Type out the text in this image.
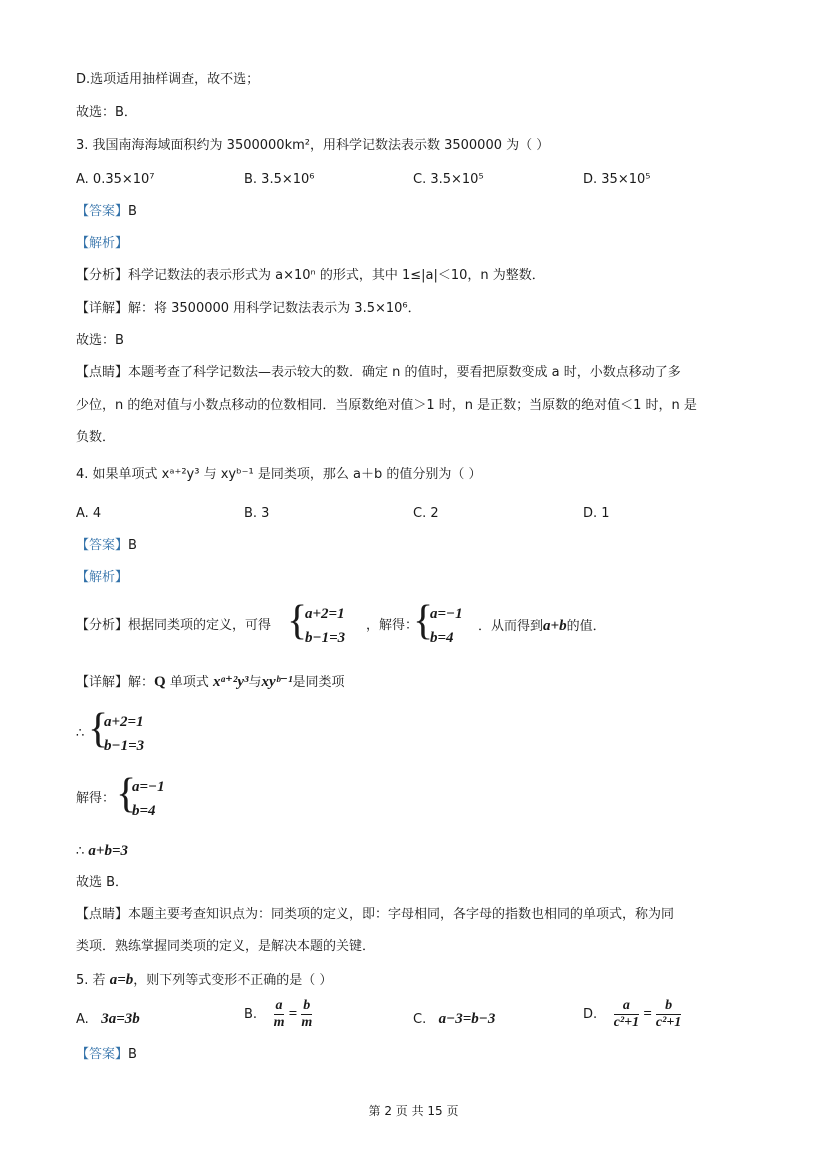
D.选项适用抽样调查，故不选；
故选：B．
3. 我国南海海域面积约为 3500000km²，用科学记数法表示数 3500000 为（ ）
A. 0.35×10⁷	B. 3.5×10⁶	C. 3.5×10⁵	D. 35×10⁵
【答案】B
【解析】
【分析】科学记数法的表示形式为 a×10ⁿ 的形式，其中 1≤|a|＜10，n 为整数．
【详解】解：将 3500000 用科学记数法表示为 3.5×10⁶．
故选：B
【点睛】本题考查了科学记数法—表示较大的数．确定 n 的值时，要看把原数变成 a 时，小数点移动了多
少位，n 的绝对值与小数点移动的位数相同．当原数绝对值＞1 时，n 是正数；当原数的绝对值＜1 时，n 是
负数．
4. 如果单项式 xᵃ⁺²y³ 与 xyᵇ⁻¹ 是同类项，那么 a＋b 的值分别为（ ）
A. 4	B. 3	C. 2	D. 1
【答案】B
【解析】
【分析】根据同类项的定义，可得 {
a+2=1
b−1=3
，解得：
{
a=−1
b=4
．从而得到a+b的值．
【详解】解：Q 单项式 xᵃ⁺²y³与xyᵇ⁻¹是同类项
∴ {
a+2=1
b−1=3
解得： {
a=−1
b=4
∴ a+b=3
故选 B．
【点睛】本题主要考查知识点为：同类项的定义，即：字母相同，各字母的指数也相同的单项式，称为同
类项．熟练掌握同类项的定义，是解决本题的关键．
5. 若 a=b，则下列等式变形不正确的是（ ）
A. 3a=3b	B. $\frac{a}{m} = \frac{b}{m}$	C. a−3=b−3	D. $\frac{a}{\text{c²+1}} = \frac{b}{\text{c²+1}}$
【答案】B
第 2 页 共 15 页
